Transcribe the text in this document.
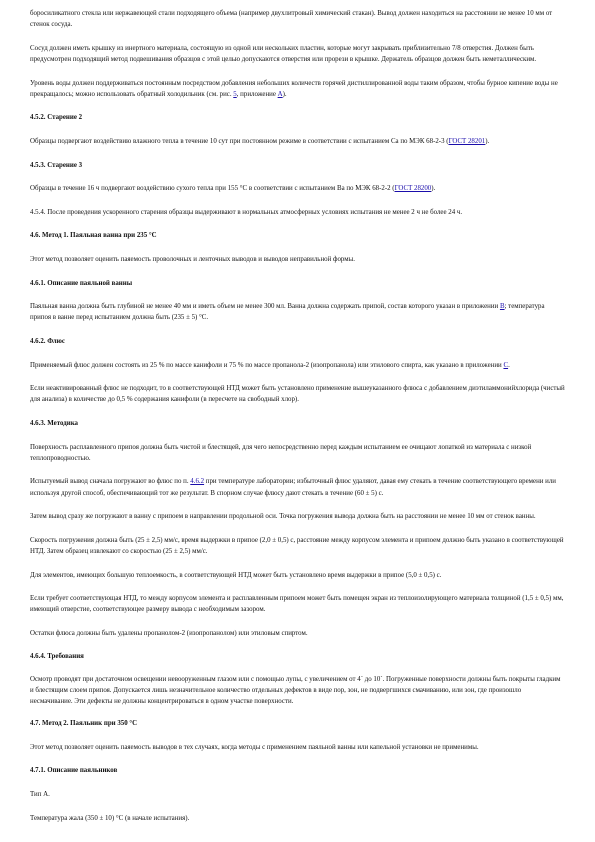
боросиликатного стекла или нержавеющей стали подходящего объема (например двухлитровый химический стакан). Вывод должен находиться на расстоянии не менее 10 мм от стенок сосуда.

Сосуд должен иметь крышку из инертного материала, состоящую из одной или нескольких пластин, которые могут закрывать приблизительно 7/8 отверстия. Должен быть предусмотрен подходящий метод подвешивания образцов с этой целью допускаются отверстия или прорези в крышке. Держатель образцов должен быть неметаллическим.

Уровень воды должен поддерживаться постоянным посредством добавления небольших количеств горячей дистиллированной воды таким образом, чтобы бурное кипение воды не прекращалось; можно использовать обратный холодильник (см. рис. 5, приложение А).

4.5.2. Старение 2

Образцы подвергают воздействию влажного тепла в течение 10 сут при постоянном режиме в соответствии с испытанием Са по МЭК 68-2-3 (ГОСТ 28201).

4.5.3. Старение 3

Образцы в течение 16 ч подвергают воздействию сухого тепла при 155 °С в соответствии с испытанием Ва по МЭК 68-2-2 (ГОСТ 28200).

4.5.4. После проведения ускоренного старения образцы выдерживают в нормальных атмосферных условиях испытания не менее 2 ч не более 24 ч.

4.6. Метод 1. Паяльная ванна при 235 °С

Этот метод позволяет оценить паяемость проволочных и ленточных выводов и выводов неправильной формы.

4.6.1. Описание паяльной ванны

Паяльная ванна должна быть глубиной не менее 40 мм и иметь объем не менее 300 мл. Ванна должна содержать припой, состав которого указан в приложении В; температура припоя в ванне перед испытанием должна быть (235 ± 5) °С.

4.6.2. Флюс

Применяемый флюс должен состоять из 25 % по массе канифоли и 75 % по массе пропанола-2 (изопропанола) или этилового спирта, как указано в приложении С.

Если неактивированный флюс не подходит, то в соответствующей НТД может быть установлено применение вышеуказанного флюса с добавлением диэтиламмонийхлорида (чистый для анализа) в количестве до 0,5 % содержания канифоли (в пересчете на свободный хлор).

4.6.3. Методика

Поверхность расплавленного припоя должна быть чистой и блестящей, для чего непосредственно перед каждым испытанием ее очищают лопаткой из материала с низкой теплопроводностью.

Испытуемый вывод сначала погружают во флюс по п. 4.6.2 при температуре лаборатории; избыточный флюс удаляют, давая ему стекать в течение соответствующего времени или используя другой способ, обеспечивающий тот же результат. В спорном случае флюсу дают стекать в течение (60 ± 5) с.

Затем вывод сразу же погружают в ванну с припоем в направлении продольной оси. Точка погружения вывода должна быть на расстоянии не менее 10 мм от стенок ванны.

Скорость погружения должна быть (25 ± 2,5) мм/с, время выдержки в припое (2,0 ± 0,5) с, расстояние между корпусом элемента и припоем должно быть указано в соответствующей НТД. Затем образец извлекают со скоростью (25 ± 2,5) мм/с.

Для элементов, имеющих большую теплоемкость, в соответствующей НТД может быть установлено время выдержки в припое (5,0 ± 0,5) с.

Если требует соответствующая НТД, то между корпусом элемента и расплавленным припоем может быть помещен экран из теплоизолирующего материала толщиной (1,5 ± 0,5) мм, имеющий отверстие, соответствующее размеру вывода с необходимым зазором.

Остатки флюса должны быть удалены пропанолом-2 (изопропанолом) или этиловым спиртом.

4.6.4. Требования

Осмотр проводят при достаточном освещении невооруженным глазом или с помощью лупы, с увеличением от 4´ до 10´. Погруженные поверхности должны быть покрыты гладким и блестящим слоем припоя. Допускается лишь незначительное количество отдельных дефектов в виде пор, зон, не подвергшихся смачиванию, или зон, где произошло несмачивание. Эти дефекты не должны концентрироваться в одном участке поверхности.

4.7. Метод 2. Паяльник при 350 °С

Этот метод позволяет оценить паяемость выводов в тех случаях, когда методы с применением паяльной ванны или капельной установки не применимы.

4.7.1. Описание паяльников

Тип А.

Температура жала (350 ± 10) °С (в начале испытания).
